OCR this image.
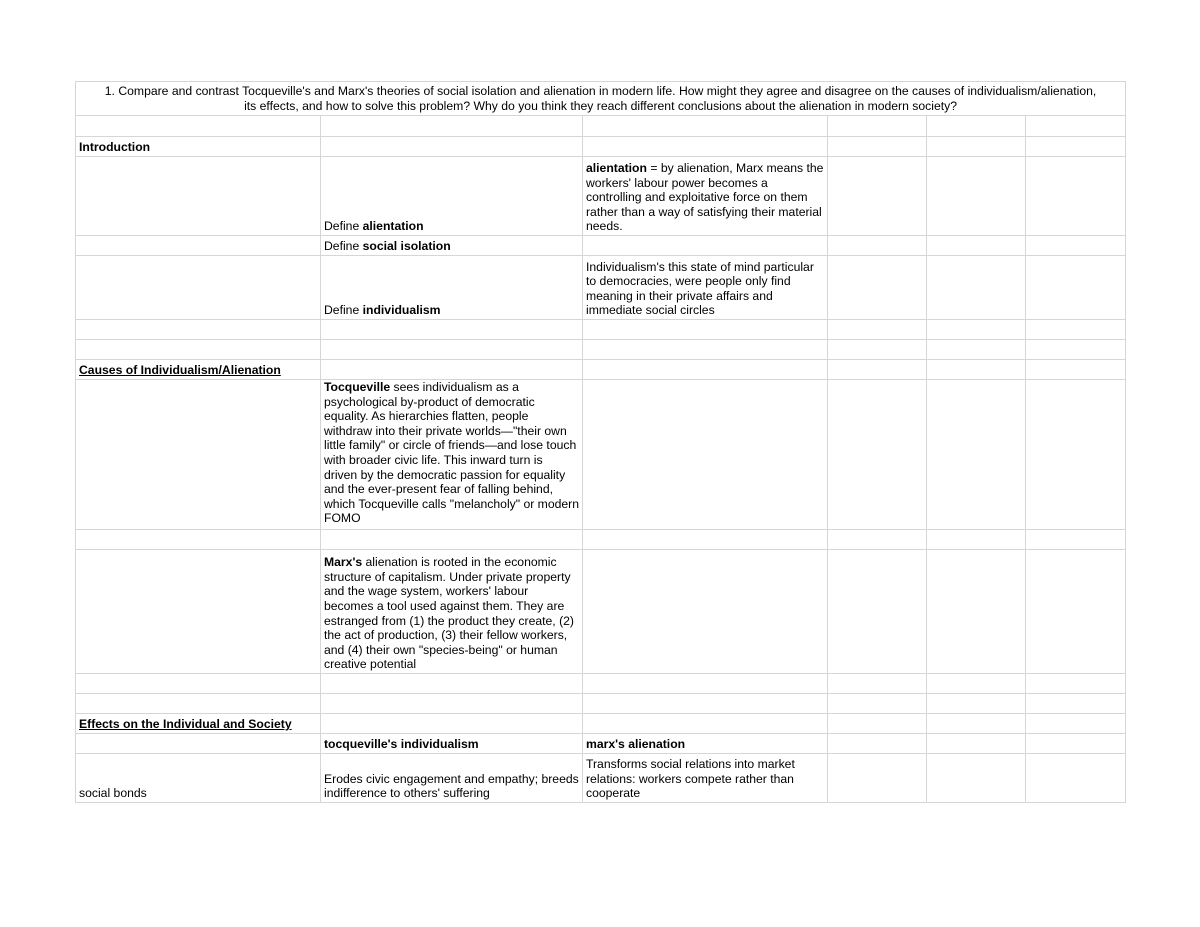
1. Compare and contrast Tocqueville's and Marx's theories of social isolation and alienation in modern life. How might they agree and disagree on the causes of individualism/alienation,
its effects, and how to solve this problem? Why do you think they reach different conclusions about the alienation in modern society?					

Introduction					
	Define alientation	alientation = by alienation, Marx means the workers' labour power becomes a controlling and exploitative force on them rather than a way of satisfying their material needs.			
	Define social isolation				
	Define individualism	Individualism's this state of mind particular to democracies, were people only find meaning in their private affairs and immediate social circles			

Causes of Individualism/Alienation					
	Tocqueville sees individualism as a psychological by-product of democratic equality. As hierarchies flatten, people withdraw into their private worlds—"their own little family" or circle of friends—and lose touch with broader civic life. This inward turn is driven by the democratic passion for equality and the ever-present fear of falling behind, which Tocqueville calls "melancholy" or modern FOMO				

	Marx's alienation is rooted in the economic structure of capitalism. Under private property and the wage system, workers' labour becomes a tool used against them. They are estranged from (1) the product they create, (2) the act of production, (3) their fellow workers, and (4) their own "species-being" or human creative potential				

Effects on the Individual and Society					
	tocqueville's individualism	marx's alienation			
social bonds	Erodes civic engagement and empathy; breeds indifference to others' suffering	Transforms social relations into market relations: workers compete rather than cooperate			
